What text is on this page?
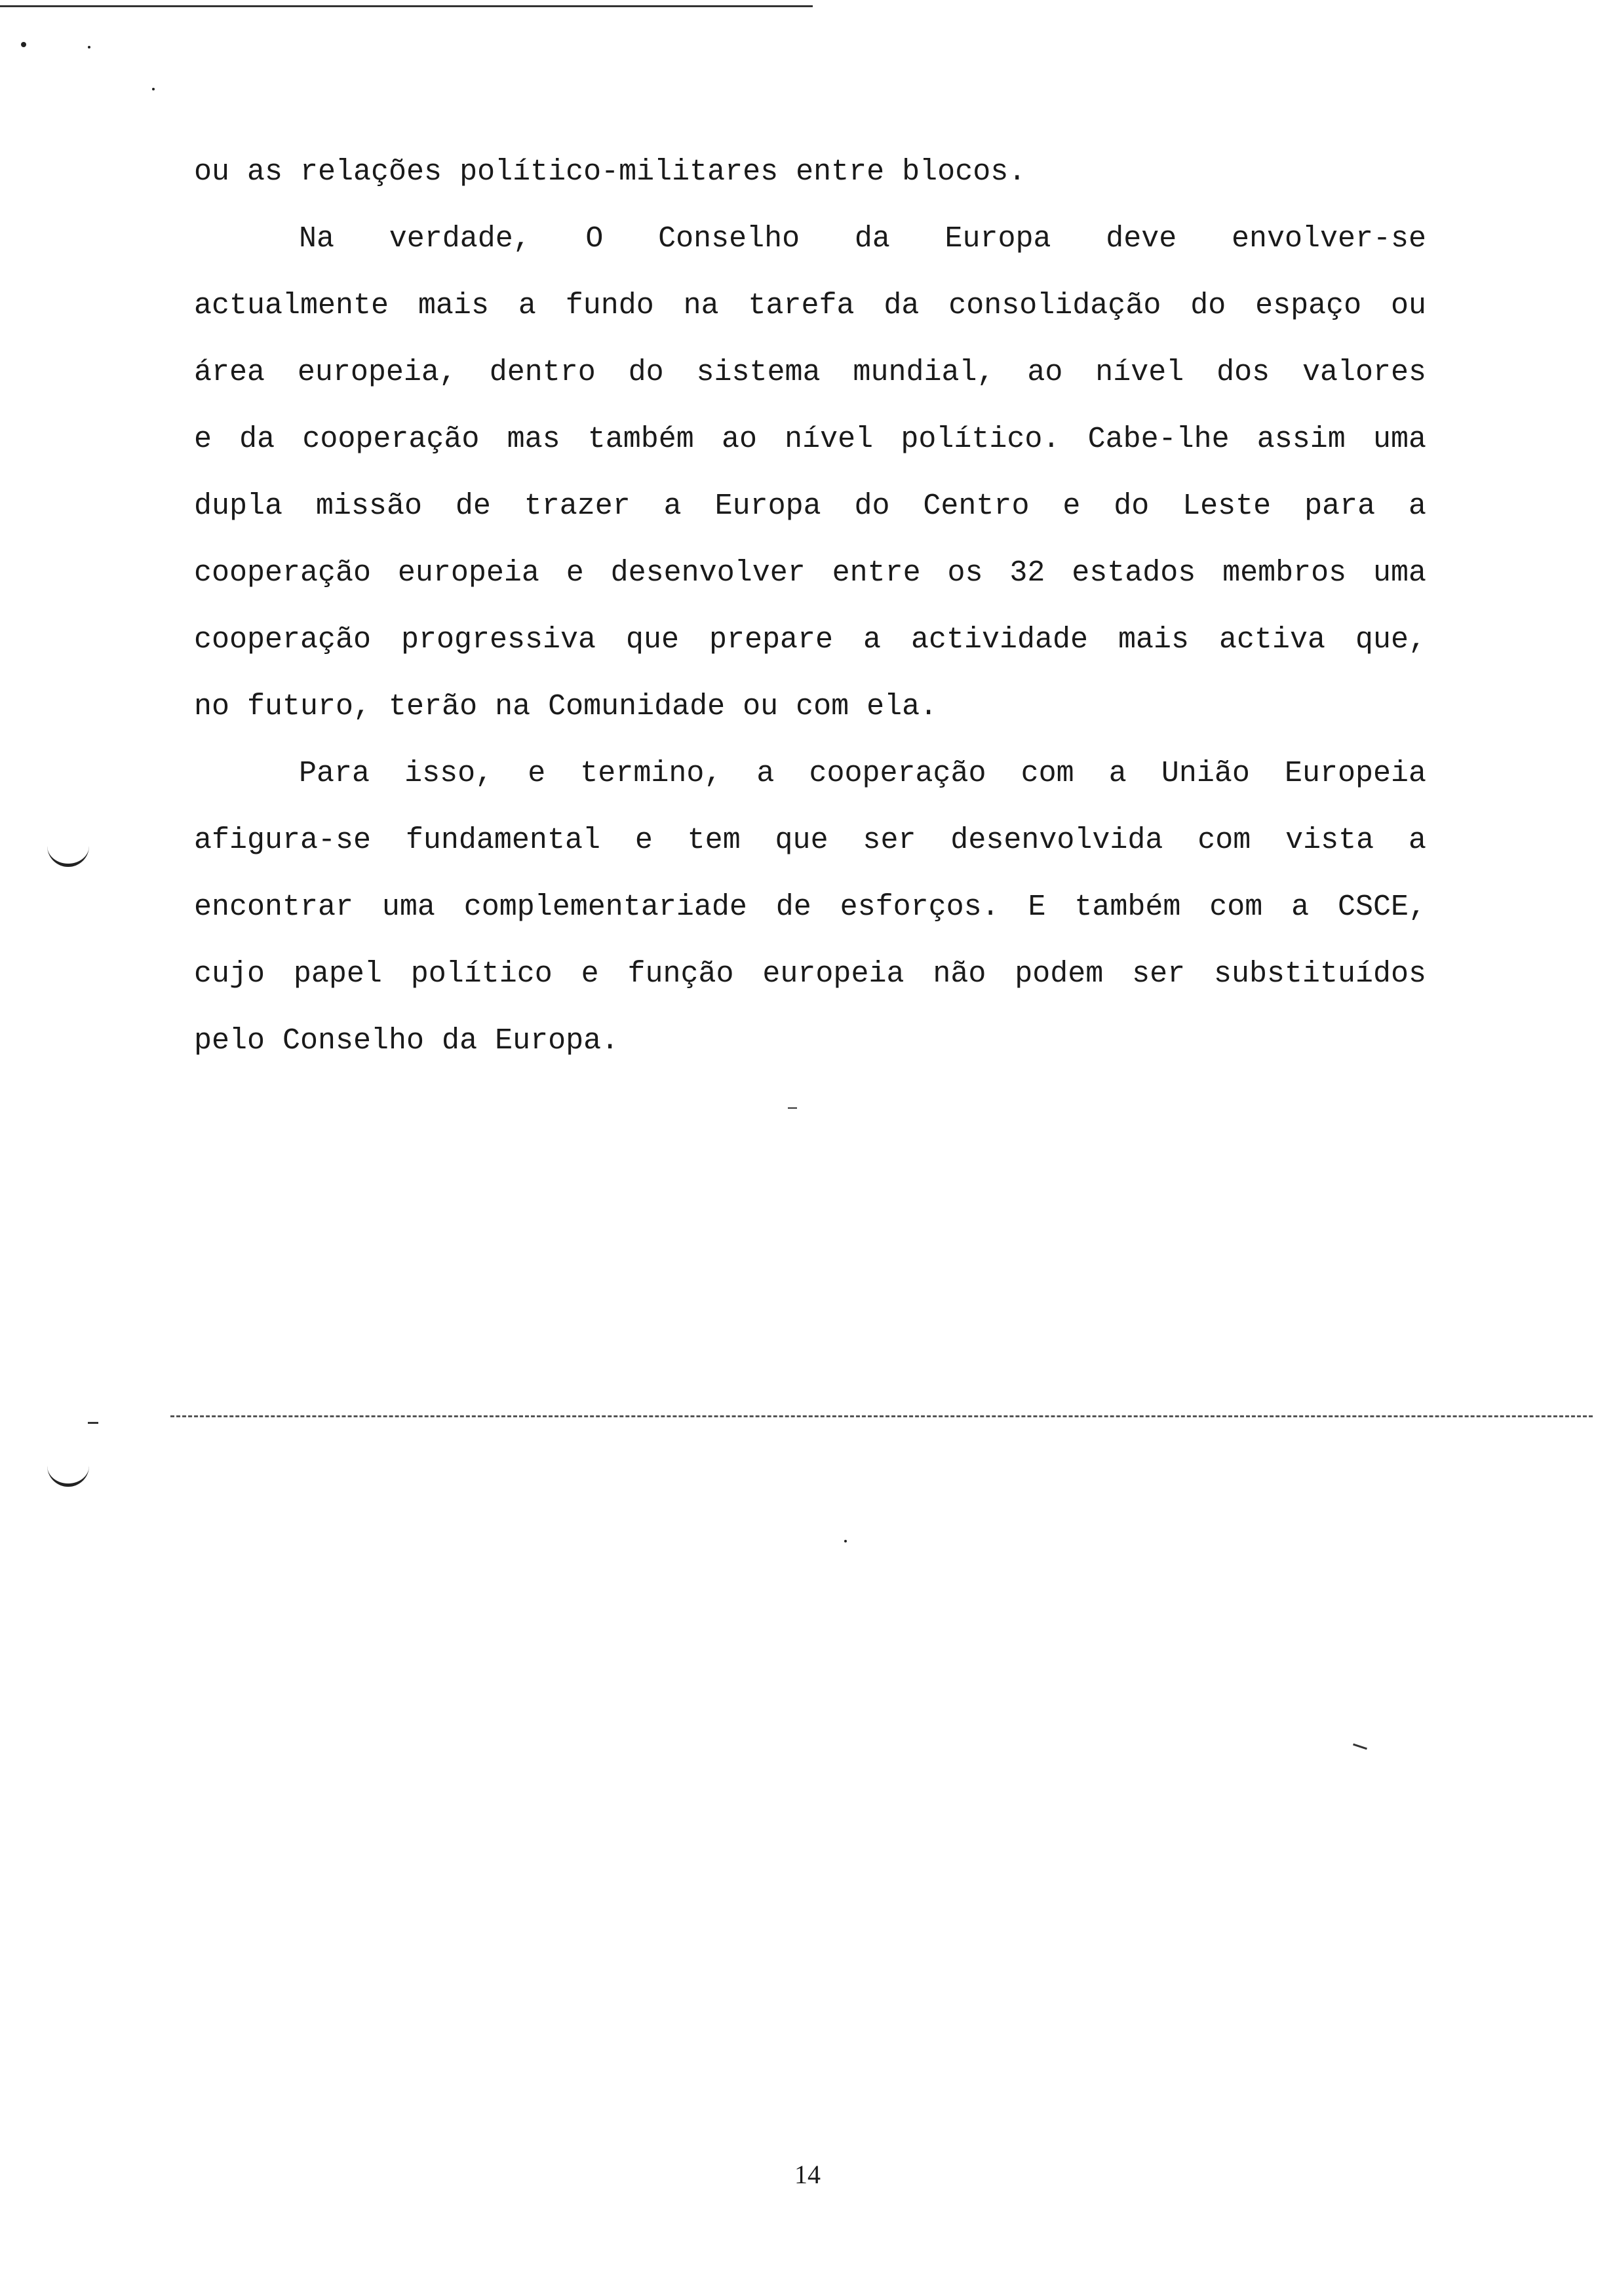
ou as relações político-militares entre blocos.
Na verdade, O Conselho da Europa deve envolver-se
actualmente mais a fundo na tarefa da consolidação do espaço ou
área europeia, dentro do sistema mundial, ao nível dos valores
e da cooperação mas também ao nível político. Cabe-lhe assim uma
dupla missão de trazer a Europa do Centro e do Leste para a
cooperação europeia e desenvolver entre os 32 estados membros uma
cooperação progressiva que prepare a actividade mais activa que,
no futuro, terão na Comunidade ou com ela.
Para isso, e termino, a cooperação com a União Europeia
afigura-se fundamental e tem que ser desenvolvida com vista a
encontrar uma complementariade de esforços. E também com a CSCE,
cujo papel político e função europeia não podem ser substituídos
pelo Conselho da Europa.
14
